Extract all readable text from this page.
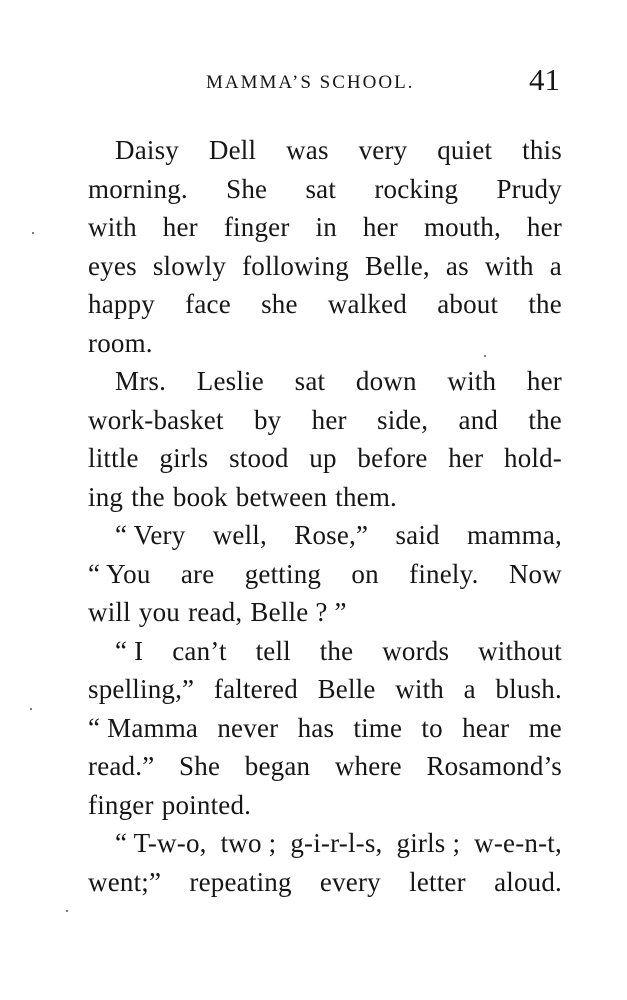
MAMMA’S SCHOOL.	41
Daisy Dell was very quiet this
morning. She sat rocking Prudy
with her finger in her mouth, her
eyes slowly following Belle, as with a
happy face she walked about the
room.
Mrs. Leslie sat down with her
work-basket by her side, and the
little girls stood up before her hold-
ing the book between them.
“ Very well, Rose,” said mamma,
“ You are getting on finely. Now
will you read, Belle ? ”
“ I can’t tell the words without
spelling,” faltered Belle with a blush.
“ Mamma never has time to hear me
read.” She began where Rosamond’s
finger pointed.
“ T-w-o, two ; g-i-r-l-s, girls ; w-e-n-t,
went;” repeating every letter aloud.
